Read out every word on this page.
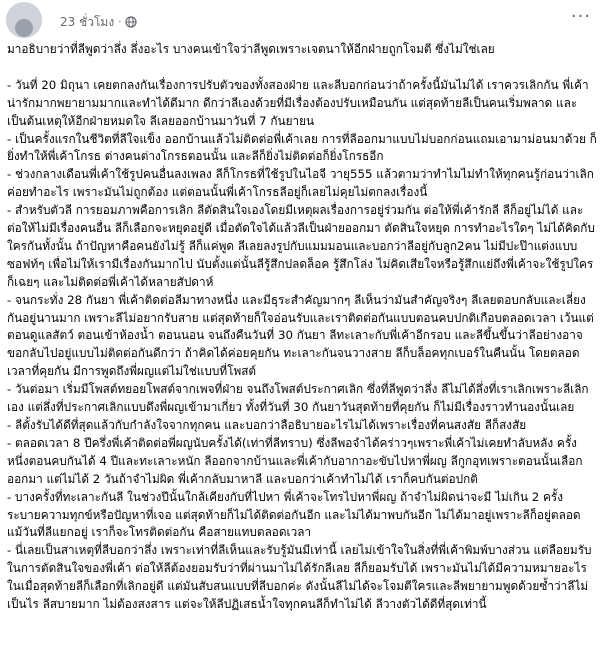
23 ชั่วโมง ·	···

มาอธิบายว่าที่ลีพูดว่าลึ่ง ลึ่งอะไร บางคนเข้าใจว่าลีพูดเพราะเจตนาให้อีกฝ่ายถูกโจมตี ซึ่งไม่ใช่เลย

- วันที่ 20 มิถุนา เคยตกลงกันเรื่องการปรับตัวของทั้งสองฝ่าย และลีบอกก่อนว่าถ้าครั้งนี้มันไม่ได้ เราควรเลิกกัน พี่เค้าน่ารักมากพยายามมากและทำได้ดีมาก ดีกว่าลีเองด้วยที่มีเรื่องต้องปรับเหมือนกัน แต่สุดท้ายลีเป็นคนเริ่มพลาด และเป็นต้นเหตุให้อีกฝ่ายหมดใจ ลีเลยออกบ้านมาวันที่ 7 กันยายน

- เป็นครั้งแรกในชีวิตที่ลีใจแข็ง ออกบ้านแล้วไม่ติดต่อพี่เค้าเลย การที่ลีออกมาแบบไม่บอกก่อนแถมเอามาม่อนมาด้วย ก็ยิ่งทำให้พี่เค้าโกรธ ต่างคนต่างโกรธตอนนั้น และลีก็ยิ่งไม่ติดต่อก็ยิ่งโกรธอีก

- ช่วงกลางเดือนพี่เค้าใช้รูปคนอื่นลงเพลง ลีก็โกรธที่ใช้รูปในไอจี วายุ555 แล้วตามว่าทำไมไม่ทำให้ทุกคนรู้ก่อนว่าเลิกค่อยทำอะไร เพราะมันไม่ถูกต้อง แต่ตอนนั้นพี่เค้าโกรธลีอยู่ก็เลยไม่คุยไม่ตกลงเรื่องนี้

- สำหรับตัวลี การยอมภาพคือการเลิก ลีตัดสินใจเองโดยมีเหตุผลเรื่องการอยู่ร่วมกัน ต่อให้พี่เค้ารักลี ลีก็อยู่ไม่ได้ และต่อให้ไม่มีเรื่องคนอื่น ลีก็เลือกจะหยุดอยู่ดี เมื่อตัดใจได้แล้วลีเป็นฝ่ายออกมา ตัดสินใจหยุด การทำอะไรใดๆ ไม่ได้คิดกับใครกันทั้งนั้น ถ้าปัญหาคือคนยังไม่รู้ ลีก็แค่พูด ลีเลยลงรูปกับแมมมอนและบอกว่าลีอยู่กับลูก2คน ไม่มีปะป๊าแต่งแบบซอฟท์ๆ เพื่อไม่ให้เรามีเรื่องกันมากไป นับตั้งแต่นั้นลีรู้สึกปลดล็อค รู้สึกโล่ง ไม่คิดเสียใจหรือรู้สึกแย่ถึงพี่เค้าจะใช้รูปใครก็เฉยๆ และไม่ติดต่อพี่เค้าได้หลายสัปดาห์

- จนกระทั่ง 28 กันยา พี่เค้าติดต่อลีมาทางหนึ่ง และมีธุระสำคัญมากๆ ลีเห็นว่ามันสำคัญจริงๆ ลีเลยตอบกลับและเลี่ยงกันอยู่นานมาก เพราะลีไม่อยากรับสาย แต่สุดท้ายก็ใจอ่อนรับและเราติดต่อกันแบบตอนคบปกติเกือบตลอดเวลา เว้นแต่ตอนดูแลสัตว์ ตอนเข้าห้องน้ำ ตอนนอน จนถึงคืนวันที่ 30 กันยา ลีทะเลาะกับพี่เค้าอีกรอบ และลีขึ้นขึ้นว่าลีอย่างอาจ ขอกลับไปอยู่แบบไม่ติดต่อกันดีกว่า ถ้าคิดได้ค่อยคุยกัน ทะเลาะกันจนวางสาย ลีก็บล็อคทุกเบอร์ในคืนนั้น โดยตลอดเวลาที่คุยกัน มีการพูดถึงพี่ผญแต่ไม่ใช่แบบที่โพสต์

- วันต่อมา เริ่มมีโพสต์ทยอยโพสต์จากเพจที่ฝ่าย จนถึงโพสต์ประกาศเลิก ซึ่งที่ลีพูดว่าลึ่ง ลีไม่ได้ลึ่งที่เราเลิกเพราะลีเลิกเอง แต่ลึ่งที่ประกาศเลิกแบบดึงพี่ผญเข้ามาเกี่ยว ทั้งที่วันที่ 30 กันยาวันสุดท้ายที่คุยกัน ก็ไม่มีเรื่องราวทำนองนั้นเลย

- ลีตั้งรับได้ดีที่สุดแล้วกับกำลังใจจากทุกคน และบอกว่าลือธิบายอะไรไม่ได้เพราะเรื่องที่คนสงสัย ลีก็สงสัย

- ตลอดเวลา 8 ปีครึ่งพี่เค้าติดต่อพี่ผญนับครั้งได้(เท่าที่ลีทราบ) ซึ่งลีพอจำได้คร่าวๆเพราะพี่เค้าไม่เคยทำลับหลัง ครั้งหนึ่งตอนคบกันได้ 4 ปีและทะเลาะหนัก ลีออกจากบ้านและพี่เค้ากับอากาอะขับไปหาพี่ผญ ลีกูกอุทเพราะตอนนั้นเลือกออกมา แต่ไม่ได้ 2 วันถ้าจำไม่ผิด พี่เค้ากลับมาหาลี และบอกว่าเค้าทำไม่ได้ เราก็คบกันต่อปกติ

- บางครั้งที่ทะเลาะกันลี ในช่วงปีนั้นใกล้เคียงกับที่ไปหา พี่เค้าจะโทรไปหาพี่ผญ ถ้าจำไม่ผิดน่าจะมี ไม่เกิน 2 ครั้ง ระบายความทุกข์หรือปัญหาที่เจอ แต่สุดท้ายก็ไม่ได้ติดต่อกันอีก และไม่ได้มาพบกันอีก ไม่ได้มาอยู่เพราะลีก็อยู่ตลอด แม้วันที่ลีแยกอยู่ เราก็จะโทรติดต่อกัน คือสายแทบตลอดเวลา

- นี่เลยเป็นสาเหตุที่ลีบอกว่าลึ่ง เพราะเท่าที่ลีเห็นและรับรู้มันมีเท่านี้ เลยไม่เข้าใจในสิ่งที่พี่เค้าพิมพ์บางส่วน แต่ลือยมรับในการตัดสินใจของพี่เค้า ต่อให้ลีต้องยอมรับว่าที่ผ่านมาไม่ได้รักลีเลย ลีก็ยอมรับได้ เพราะมันไม่ได้มีความหมายอะไรในเมื่อสุดท้ายลีก็เลือกที่เลิกอยู่ดี แต่มันสับสนแบบที่ลีบอกค่ะ ดังนั้นลีไม่ได้จะโจมตีใครและลีพยายามพูดด้วยซ้ำว่าลีไม่เป็นไร ลีสบายมาก ไม่ต้องสงสาร แต่จะให้ลีปฏิเสธน้ำใจทุกคนลีก็ทำไม่ได้ ลีวางตัวได้ดีที่สุดเท่านี้
